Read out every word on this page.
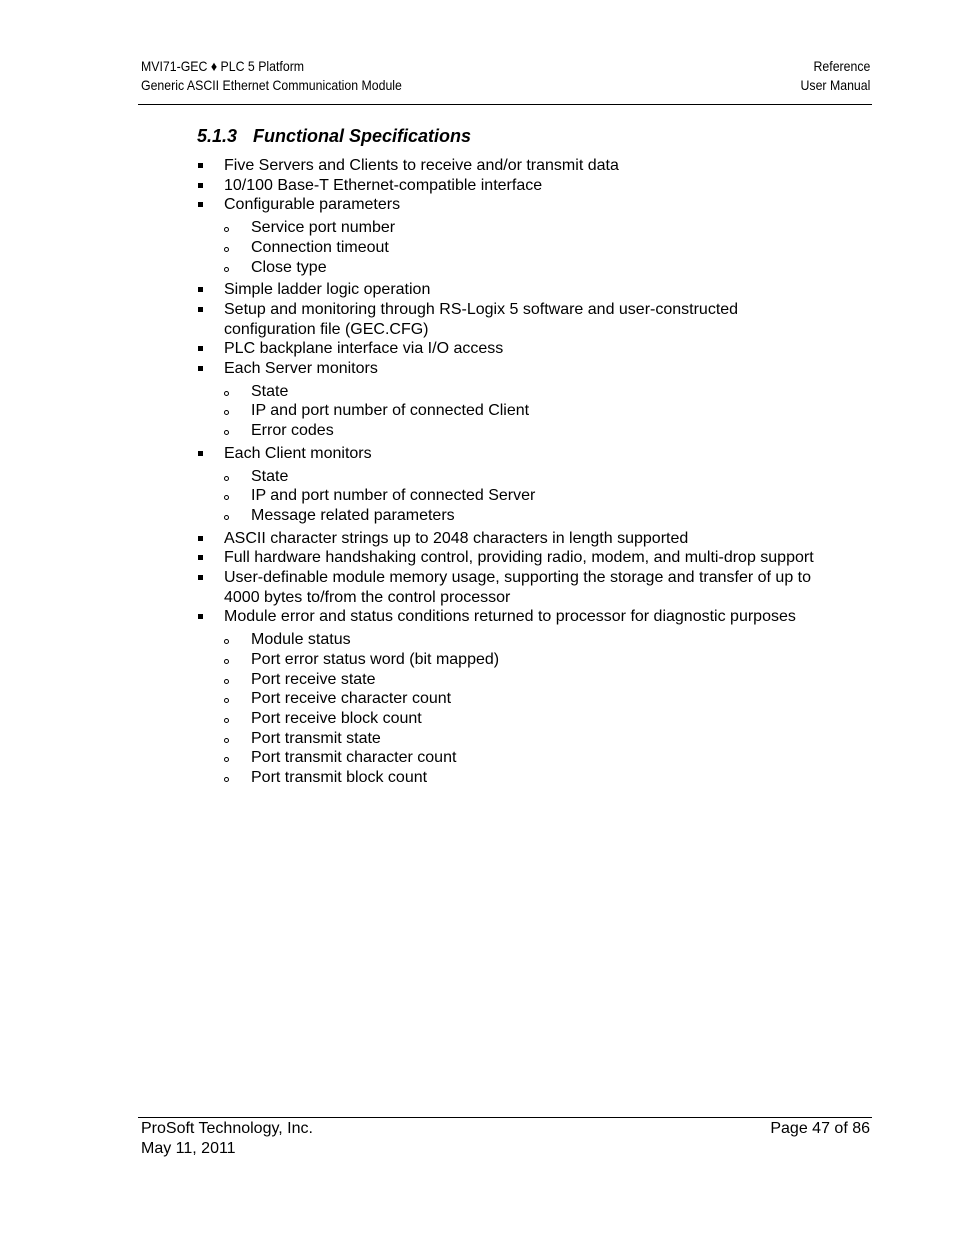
MVI71-GEC ♦ PLC 5 Platform
Generic ASCII Ethernet Communication Module
Reference
User Manual
5.1.3 Functional Specifications
Five Servers and Clients to receive and/or transmit data
10/100 Base-T Ethernet-compatible interface
Configurable parameters
Service port number
Connection timeout
Close type
Simple ladder logic operation
Setup and monitoring through RS-Logix 5 software and user-constructed configuration file (GEC.CFG)
PLC backplane interface via I/O access
Each Server monitors
State
IP and port number of connected Client
Error codes
Each Client monitors
State
IP and port number of connected Server
Message related parameters
ASCII character strings up to 2048 characters in length supported
Full hardware handshaking control, providing radio, modem, and multi-drop support
User-definable module memory usage, supporting the storage and transfer of up to 4000 bytes to/from the control processor
Module error and status conditions returned to processor for diagnostic purposes
Module status
Port error status word (bit mapped)
Port receive state
Port receive character count
Port receive block count
Port transmit state
Port transmit character count
Port transmit block count
ProSoft Technology, Inc.
May 11, 2011
Page 47 of 86
